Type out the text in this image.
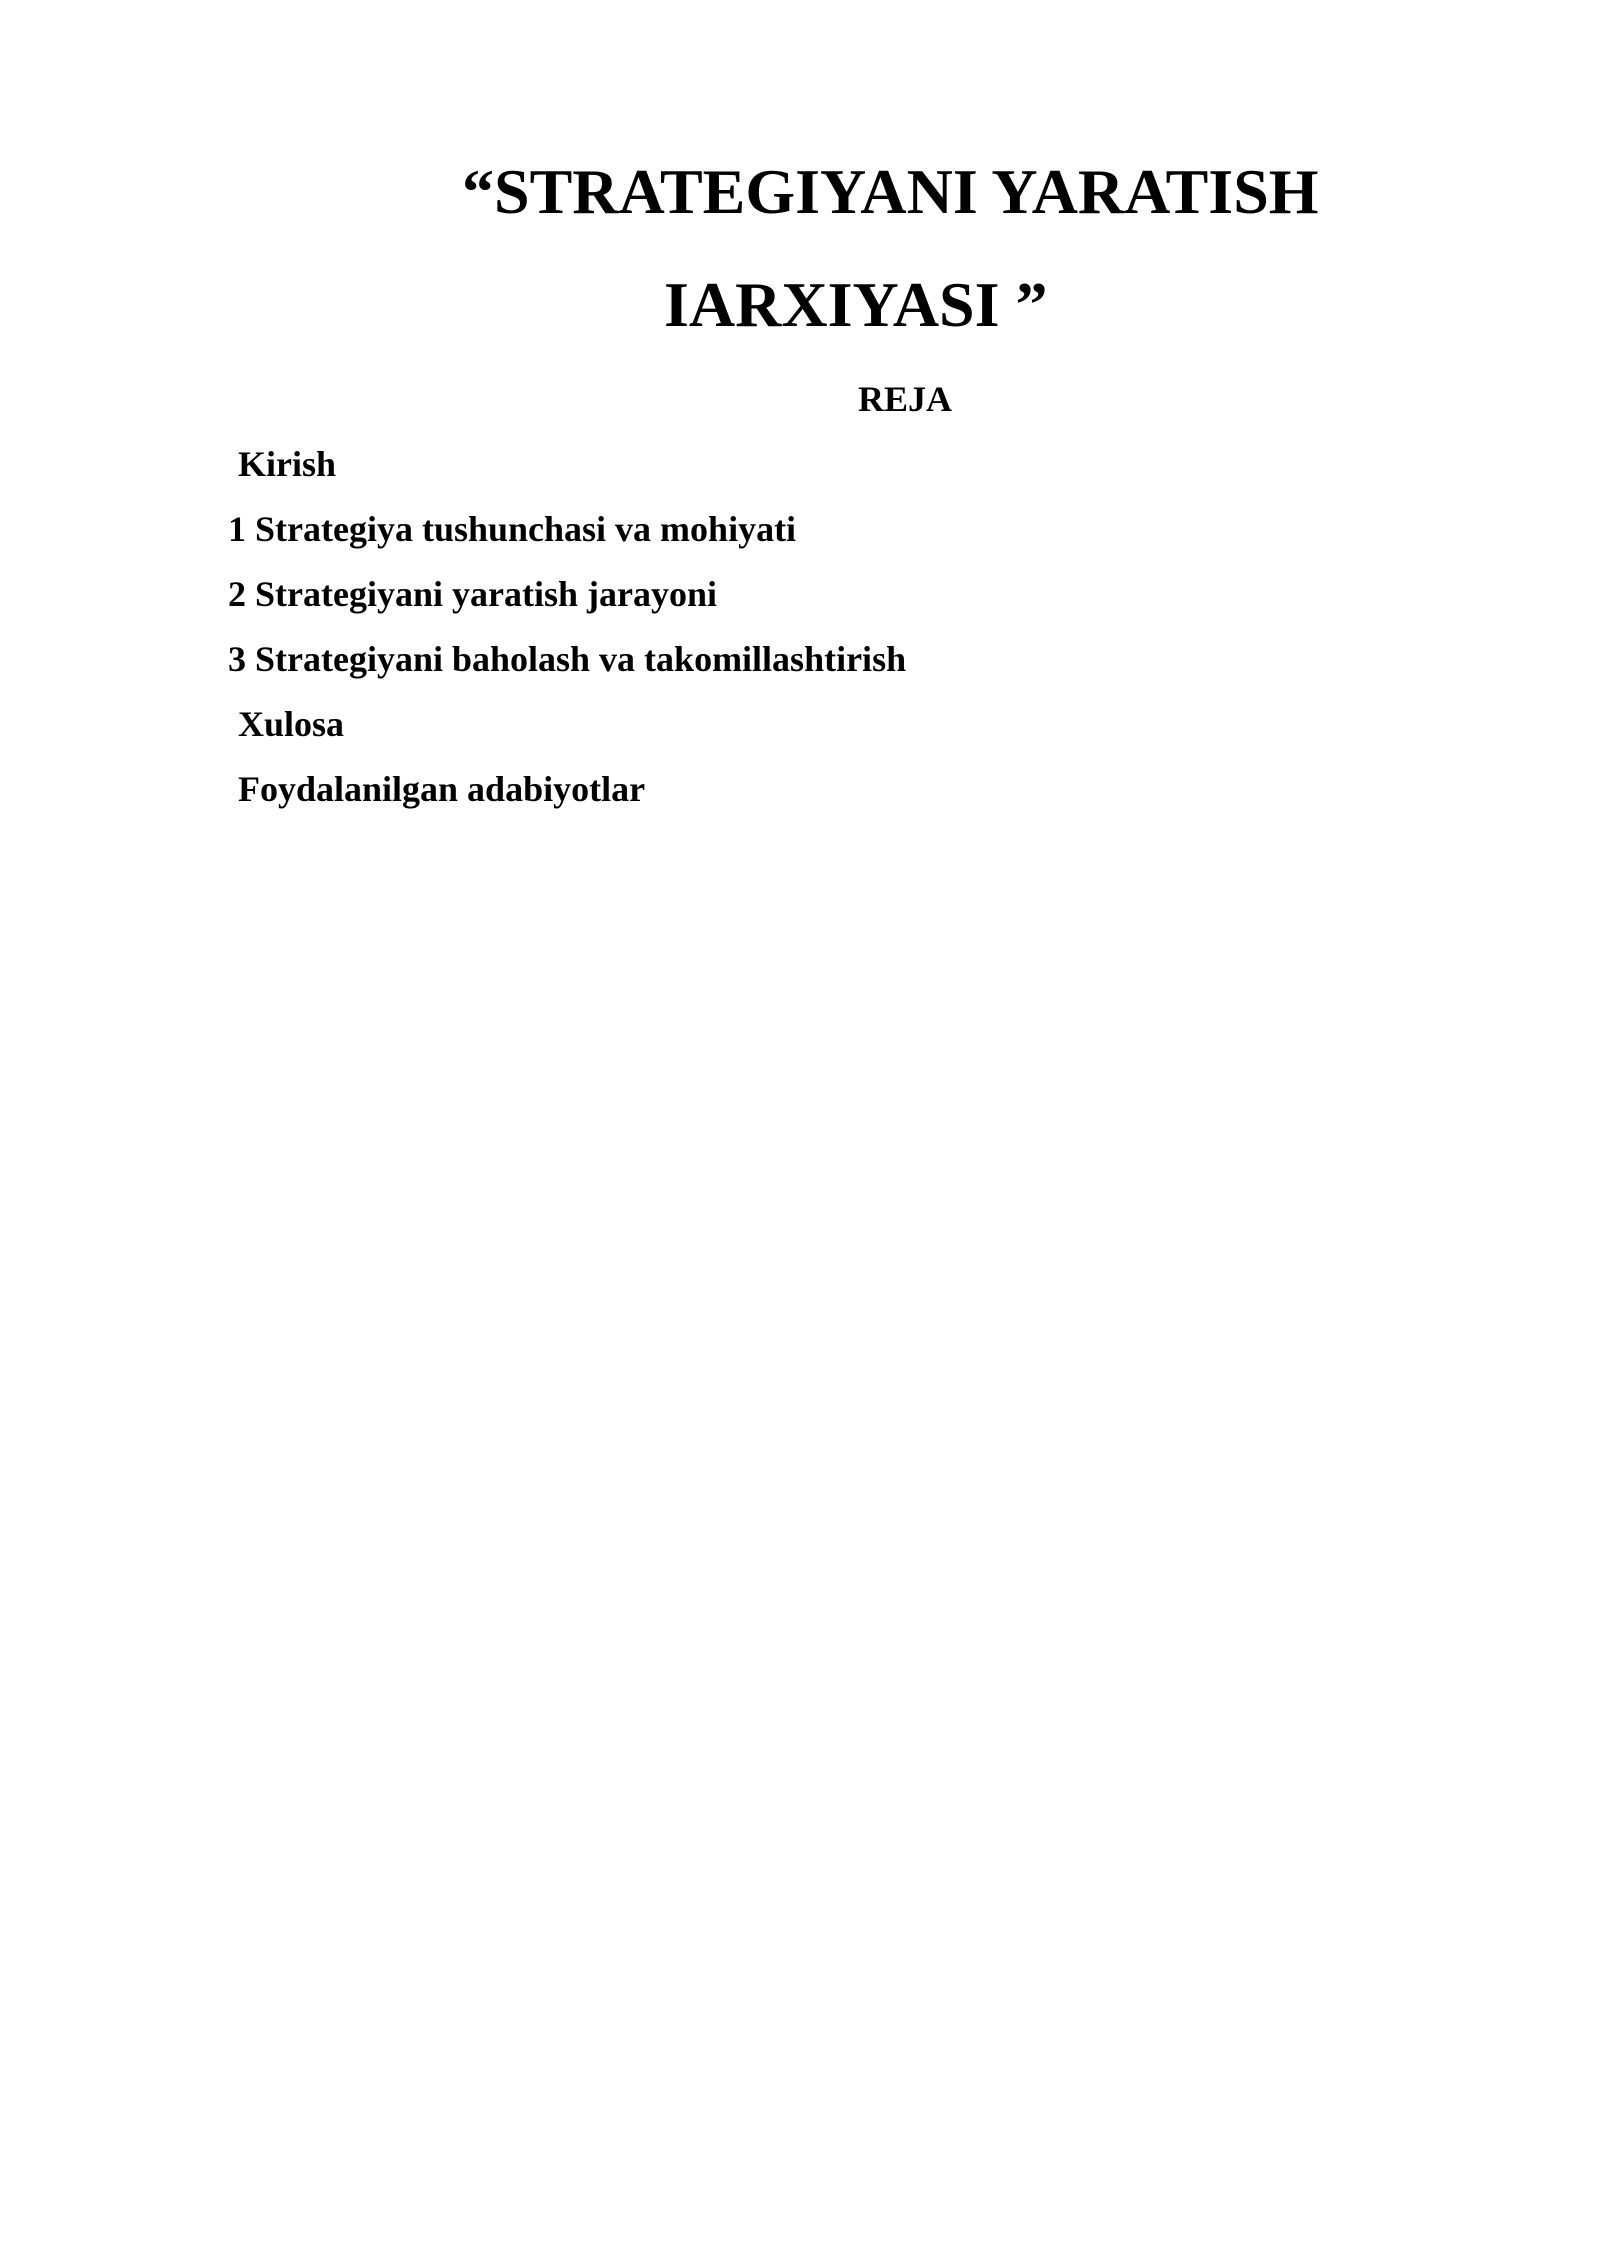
“STRATEGIYANI YARATISH
IARXIYASI ”
REJA
Kirish
1 Strategiya tushunchasi va mohiyati
2 Strategiyani yaratish jarayoni
3 Strategiyani baholash va takomillashtirish
Xulosa
Foydalanilgan adabiyotlar
